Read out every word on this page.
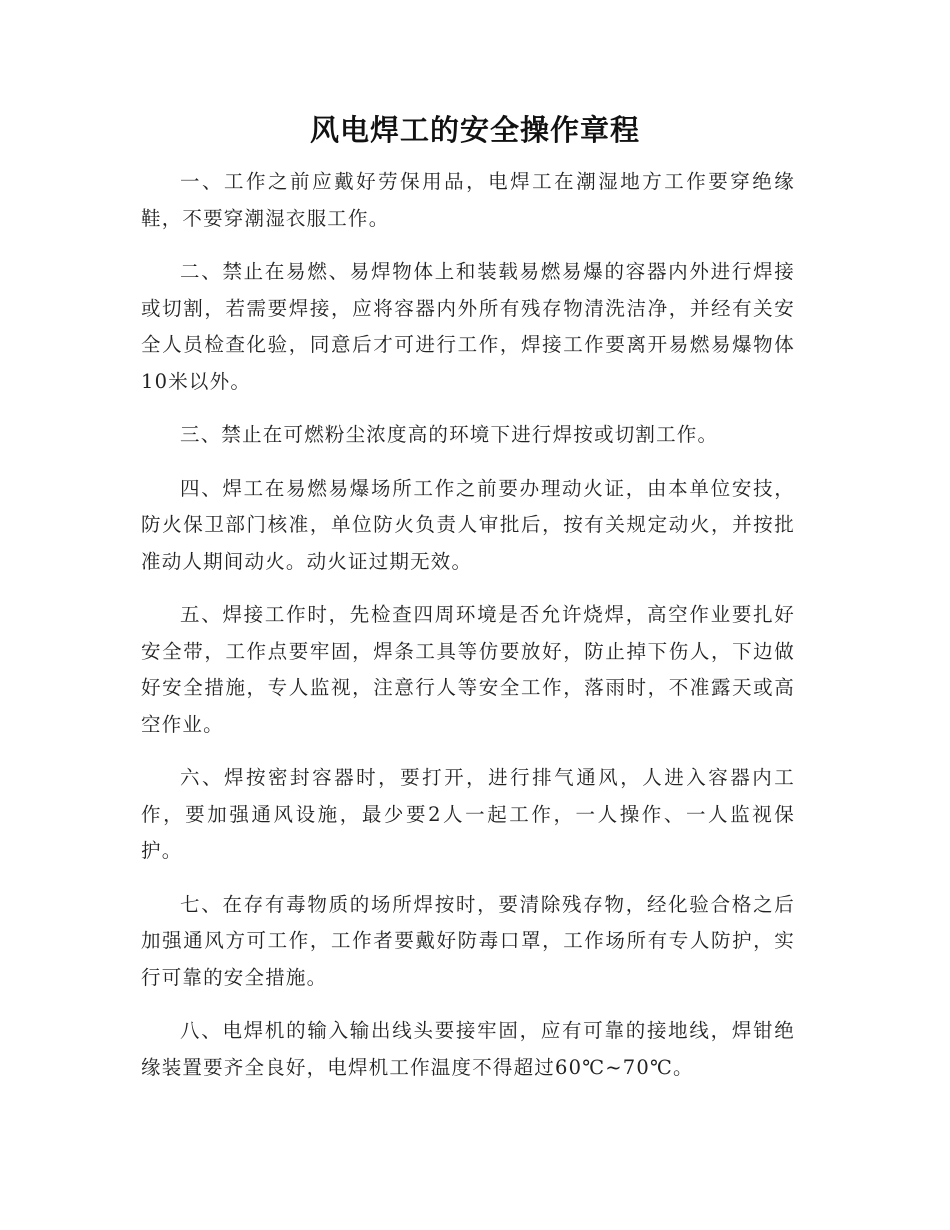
风电焊工的安全操作章程

一、工作之前应戴好劳保用品，电焊工在潮湿地方工作要穿绝缘鞋，不要穿潮湿衣服工作。

二、禁止在易燃、易焊物体上和装载易燃易爆的容器内外进行焊接或切割，若需要焊接，应将容器内外所有残存物清洗洁净，并经有关安全人员检查化验，同意后才可进行工作，焊接工作要离开易燃易爆物体10米以外。

三、禁止在可燃粉尘浓度高的环境下进行焊按或切割工作。

四、焊工在易燃易爆场所工作之前要办理动火证，由本单位安技，防火保卫部门核准，单位防火负责人审批后，按有关规定动火，并按批准动人期间动火。动火证过期无效。

五、焊接工作时，先检查四周环境是否允许烧焊，高空作业要扎好安全带，工作点要牢固，焊条工具等仿要放好，防止掉下伤人，下边做好安全措施，专人监视，注意行人等安全工作，落雨时，不准露天或高空作业。

六、焊按密封容器时，要打开，进行排气通风，人进入容器内工作，要加强通风设施，最少要2人一起工作，一人操作、一人监视保护。

七、在存有毒物质的场所焊按时，要清除残存物，经化验合格之后加强通风方可工作，工作者要戴好防毒口罩，工作场所有专人防护，实行可靠的安全措施。

八、电焊机的输入输出线头要接牢固，应有可靠的接地线，焊钳绝缘装置要齐全良好，电焊机工作温度不得超过60℃~70℃。
